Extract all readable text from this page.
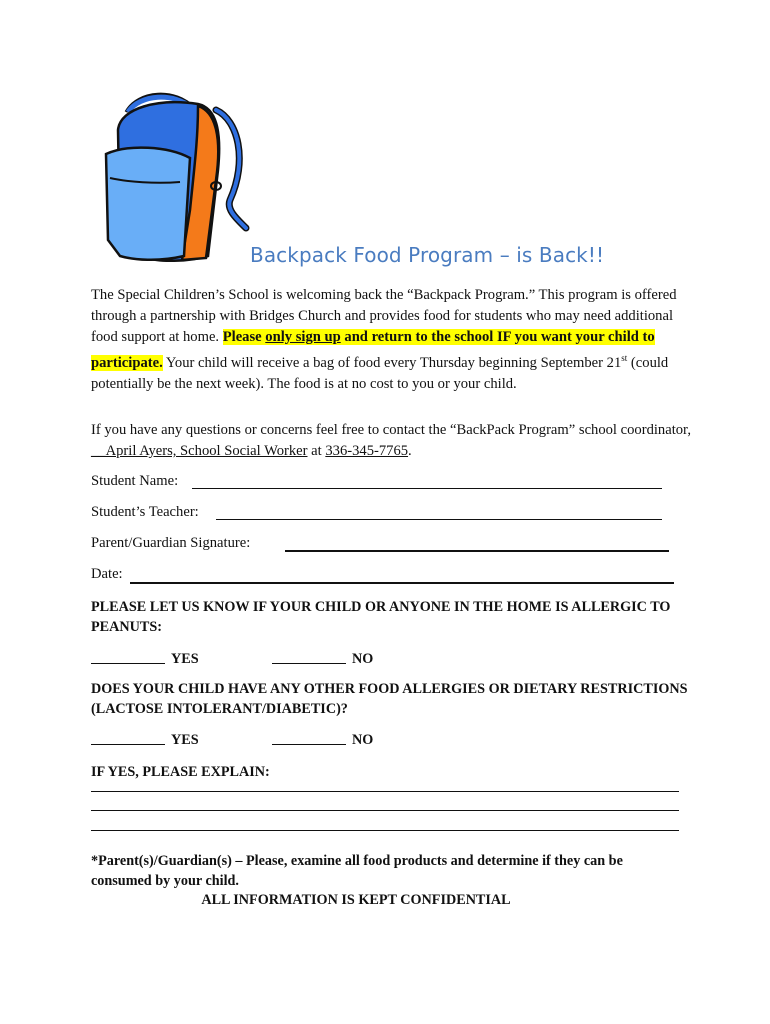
Backpack Food Program – is Back!!
The Special Children’s School is welcoming back the “Backpack Program.” This program is offered through a partnership with Bridges Church and provides food for students who may need additional food support at home. Please only sign up and return to the school IF you want your child to participate. Your child will receive a bag of food every Thursday beginning September 21st (could potentially be the next week). The food is at no cost to you or your child.
If you have any questions or concerns feel free to contact the “BackPack Program” school coordinator, __April Ayers, School Social Worker at 336-345-7765.
Student Name:
Student’s Teacher:
Parent/Guardian Signature:
Date:
PLEASE LET US KNOW IF YOUR CHILD OR ANYONE IN THE HOME IS ALLERGIC TO PEANUTS:
YES	NO
DOES YOUR CHILD HAVE ANY OTHER FOOD ALLERGIES OR DIETARY RESTRICTIONS (LACTOSE INTOLERANT/DIABETIC)?
YES	NO
IF YES, PLEASE EXPLAIN:
*Parent(s)/Guardian(s) – Please, examine all food products and determine if they can be consumed by your child.
ALL INFORMATION IS KEPT CONFIDENTIAL
